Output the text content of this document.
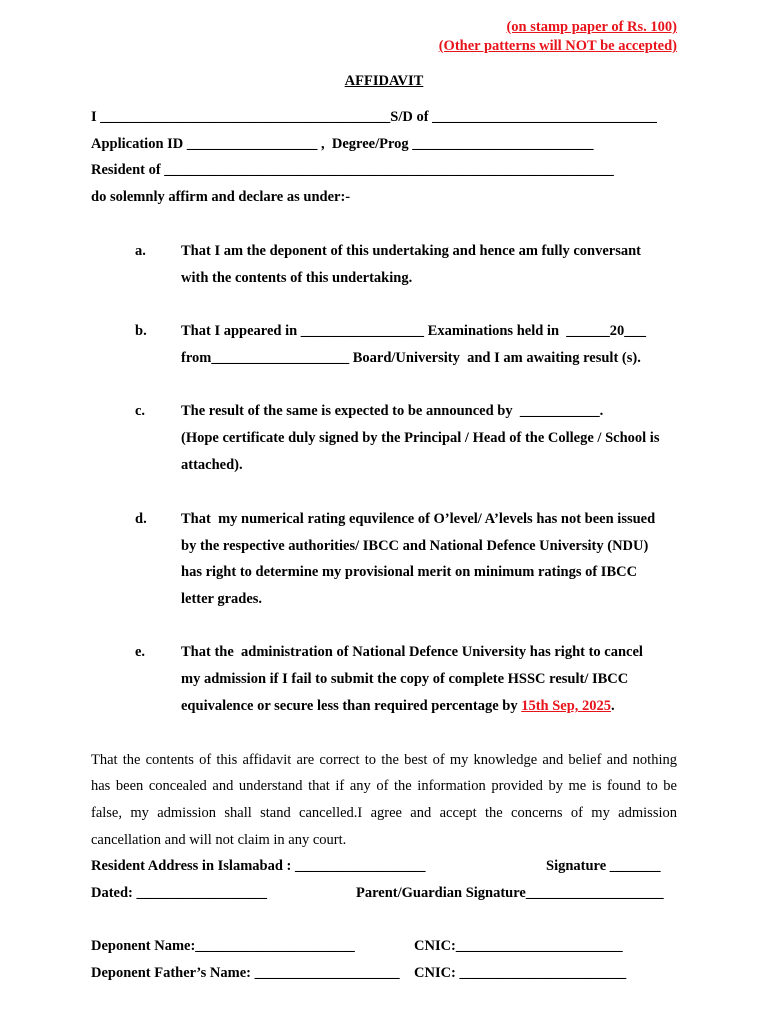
(on stamp paper of Rs. 100)
(Other patterns will NOT be accepted)
AFFIDAVIT
I ________________________________________S/D of _______________________________
Application ID __________________ ,  Degree/Prog _________________________
Resident of ______________________________________________________________
do solemnly affirm and declare as under:-
a. That I am the deponent of this undertaking and hence am fully conversant
with the contents of this undertaking.
b. That I appeared in _________________ Examinations held in  ______20___
from___________________ Board/University  and I am awaiting result (s).
c. The result of the same is expected to be announced by  ___________.
(Hope certificate duly signed by the Principal / Head of the College / School is
attached).
d. That  my numerical rating equvilence of O’level/ A’levels has not been issued
by the respective authorities/ IBCC and National Defence University (NDU)
has right to determine my provisional merit on minimum ratings of IBCC
letter grades.
e. That the  administration of National Defence University has right to cancel
my admission if I fail to submit the copy of complete HSSC result/ IBCC
equivalence or secure less than required percentage by 15th Sep, 2025.
That the contents of this affidavit are correct to the best of my knowledge and belief and nothing
has been concealed and understand that if any of the information provided by me is found to be
false, my admission shall stand cancelled.I agree and accept the concerns of my admission
cancellation and will not claim in any court.
Resident Address in Islamabad : __________________	Signature _______
Dated: __________________	Parent/Guardian Signature___________________
Deponent Name:______________________	CNIC:_______________________
Deponent Father’s Name: ____________________ CNIC: _______________________
